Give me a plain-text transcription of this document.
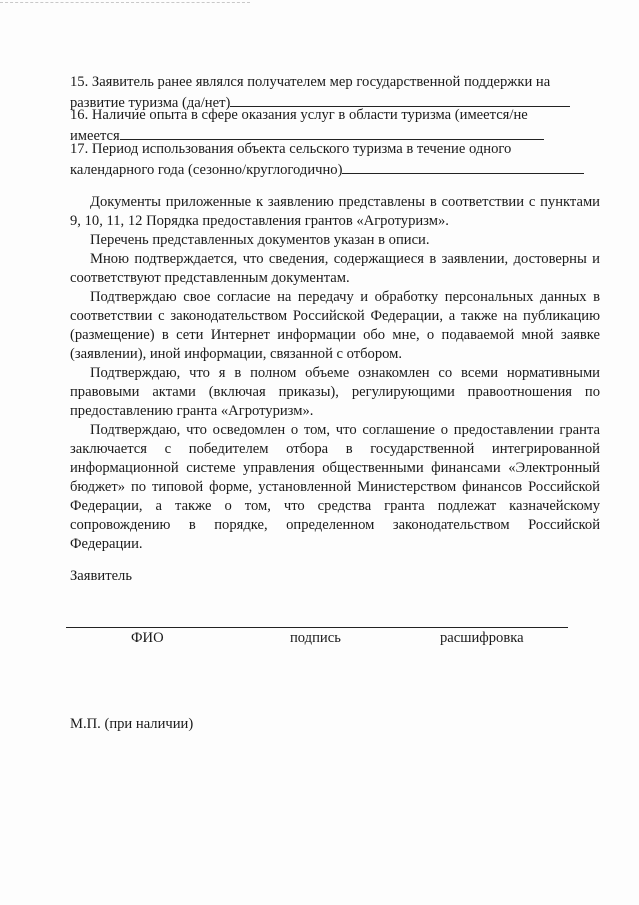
15. Заявитель ранее являлся получателем мер государственной поддержки на
развитие туризма (да/нет)
16. Наличие опыта в сфере оказания услуг в области туризма (имеется/не
имеется
17. Период использования объекта сельского туризма в течение одного
календарного года (сезонно/круглогодично)

Документы приложенные к заявлению представлены в соответствии с пунктами 9, 10, 11, 12 Порядка предоставления грантов «Агротуризм».

Перечень представленных документов указан в описи.

Мною подтверждается, что сведения, содержащиеся в заявлении, достоверны и соответствуют представленным документам.

Подтверждаю свое согласие на передачу и обработку персональных данных в соответствии с законодательством Российской Федерации, а также на публикацию (размещение) в сети Интернет информации обо мне, о подаваемой мной заявке (заявлении), иной информации, связанной с отбором.

Подтверждаю, что я в полном объеме ознакомлен со всеми нормативными правовыми актами (включая приказы), регулирующими правоотношения по предоставлению гранта «Агротуризм».

Подтверждаю, что осведомлен о том, что соглашение о предоставлении гранта заключается с победителем отбора в государственной интегрированной информационной системе управления общественными финансами «Электронный бюджет» по типовой форме, установленной Министерством финансов Российской Федерации, а также о том, что средства гранта подлежат казначейскому сопровождению в порядке, определенном законодательством Российской Федерации.

Заявитель
ФИО	подпись	расшифровка
М.П. (при наличии)
